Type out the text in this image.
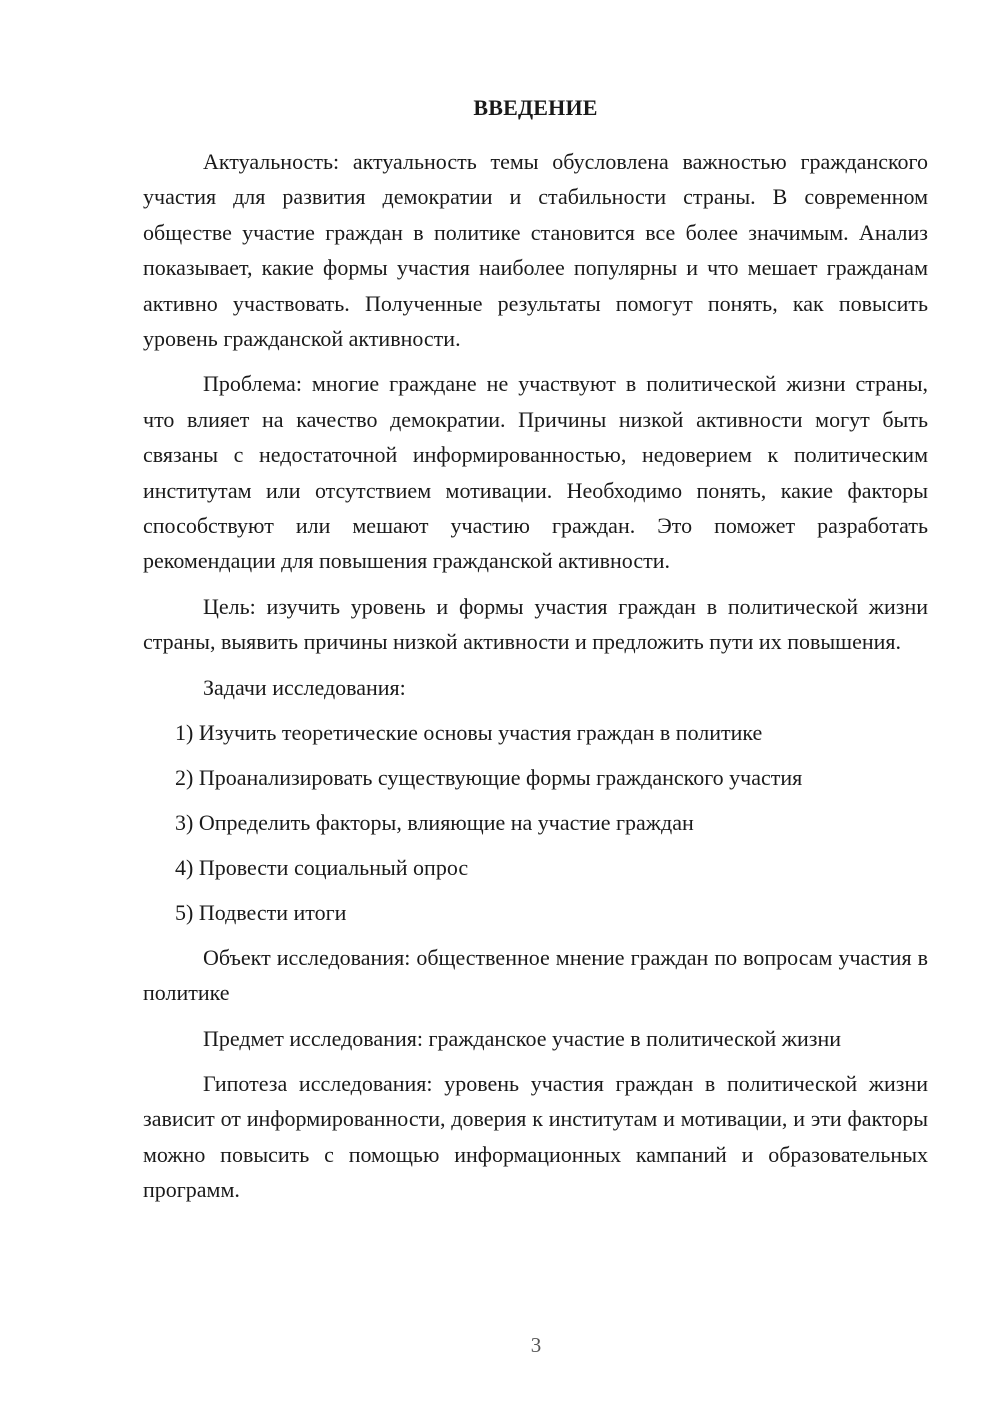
ВВЕДЕНИЕ

Актуальность: актуальность темы обусловлена важностью гражданского участия для развития демократии и стабильности страны. В современном обществе участие граждан в политике становится все более значимым. Анализ показывает, какие формы участия наиболее популярны и что мешает гражданам активно участвовать. Полученные результаты помогут понять, как повысить уровень гражданской активности.

Проблема: многие граждане не участвуют в политической жизни страны, что влияет на качество демократии. Причины низкой активности могут быть связаны с недостаточной информированностью, недоверием к политическим институтам или отсутствием мотивации. Необходимо понять, какие факторы способствуют или мешают участию граждан. Это поможет разработать рекомендации для повышения гражданской активности.

Цель: изучить уровень и формы участия граждан в политической жизни страны, выявить причины низкой активности и предложить пути их повышения.

Задачи исследования:
1) Изучить теоретические основы участия граждан в политике
2) Проанализировать существующие формы гражданского участия
3) Определить факторы, влияющие на участие граждан
4) Провести социальный опрос
5) Подвести итоги

Объект исследования: общественное мнение граждан по вопросам участия в политике

Предмет исследования: гражданское участие в политической жизни

Гипотеза исследования: уровень участия граждан в политической жизни зависит от информированности, доверия к институтам и мотивации, и эти факторы можно повысить с помощью информационных кампаний и образовательных программ.

3
